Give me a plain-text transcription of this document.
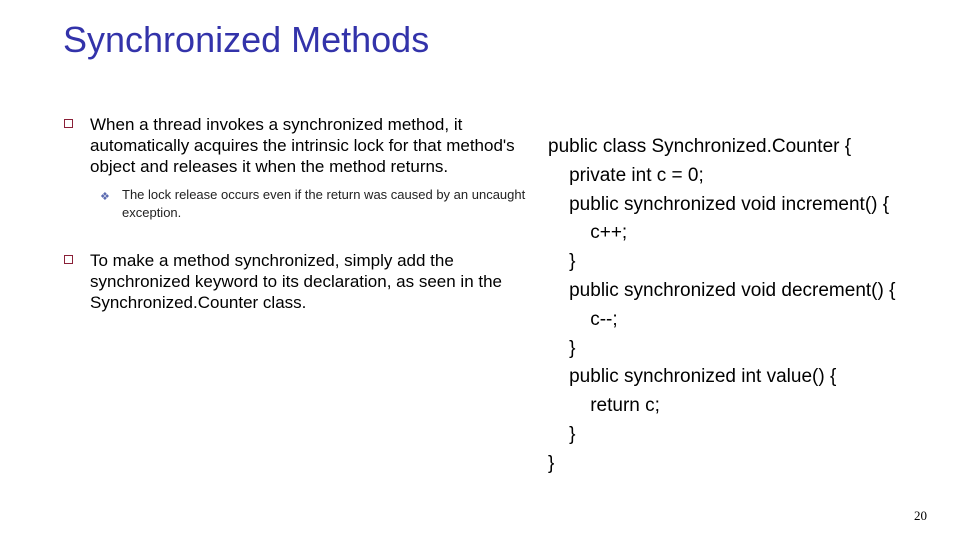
Synchronized Methods
When a thread invokes a synchronized method, it automatically acquires the intrinsic lock for that method's object and releases it when the method returns.
❖ The lock release occurs even if the return was caused by an uncaught exception.
To make a method synchronized, simply add the synchronized keyword to its declaration, as seen in the Synchronized.Counter class.
public class Synchronized.Counter {
private int c = 0;
public synchronized void increment() {
c++;
}
public synchronized void decrement() {
c--;
}
public synchronized int value() {
return c;
}
}
20
